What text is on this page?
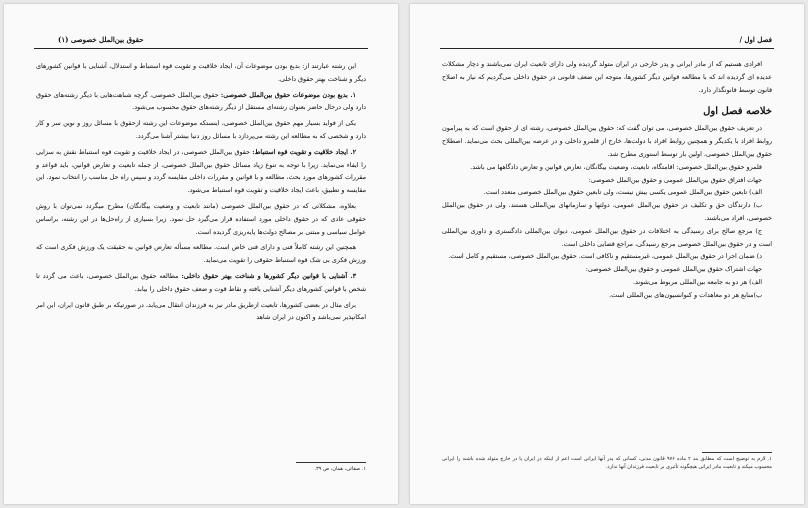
حقوق بین‌الملل خصوصی (۱)

این رشته عبارتند از: بدیع بودن موضوعات آن، ایجاد خلاقیت و تقویت قوه استنباط و استدلال، آشنایی با قوانین کشورهای دیگر و شناخت بهتر حقوق داخلی.

۱. بدیع بودن موضوعات حقوق بین‌الملل خصوصی: حقوق بین‌الملل خصوصی، گرچه شباهت‌هایی با دیگر رشته‌های حقوق دارد ولی درحال حاضر بعنوان رشته‌ای مستقل از دیگر رشته‌های حقوق محسوب می‌شود.

یکی از فواید بسیار مهم حقوق بین‌الملل خصوصی، اینستکه موضوعات این رشته ازحقوق با مسائل روز و نوین سر و کار دارد و شخصی که به مطالعه این رشته می‌پردازد با مسائل روز دنیا بیشتر آشنا می‌گردد.

۲. ایجاد خلاقیت و تقویت قوه استنباط: حقوق بین‌الملل خصوصی، در ایجاد خلاقیت و تقویت قوه استنباط نقش به سزایی را ایفاء می‌نماید. زیرا با توجه به تنوع زیاد مسائل حقوق بین‌الملل خصوصی، از جمله تابعیت و تعارض قوانین، باید قواعد و مقررات کشورهای مورد بحث، مطالعه و با قوانین و مقررات داخلی مقایسه گردد و سپس راه حل مناسب را انتخاب نمود. این مقایسه و تطبیق، باعث ایجاد خلاقیت و تقویت قوه استنباط می‌شود.

بعلاوه، مشکلاتی که در حقوق بین‌الملل خصوصی (مانند تابعیت و وضعیت بیگانگان) مطرح میگردد نمی‌توان با روش حقوقی عادی که در حقوق داخلی مورد استفاده قرار می‌گیرد حل نمود. زیرا بسیاری از راه‌حل‌ها در این رشته، براساس عوامل سیاسی و مبتنی بر مصالح دولت‌ها پایه‌ریزی گردیده است.

همچنین این رشته کاملاً فنی و دارای فنی خاص است. مطالعه مسأله تعارض قوانین به حقیقت یک ورزش فکری است که ورزش فکری بی شک قوه استنباط حقوقی را تقویت می‌نماید.

۳. آشنایی با قوانین دیگر کشورها و شناخت بهتر حقوق داخلی: مطالعه حقوق بین‌الملل خصوصی، باعث می گردد تا شخص با قوانین کشورهای دیگر آشنایی یافته و نقاط قوت و ضعف حقوق داخلی را بیابد.

برای مثال در بعضی کشورها، تابعیت ازطریق مادر نیز به فرزندان انتقال می‌یابد، در صورتیکه بر طبق قانون ایران، این امر امکانپذیر نمی‌باشد و اکنون در ایران شاهد

۱. صفائی، همان، ص ۳۹.
فصل اول /

افرادی هستیم که از مادر ایرانی و پدر خارجی در ایران متولد گردیده ولی دارای تابعیت ایران نمی‌باشند و دچار مشکلات عدیده ای گردیده اند که با مطالعه قوانین دیگر کشورها، متوجه این ضعف قانونی در حقوق داخلی می‌گردیم که نیاز به اصلاح قانون توسط قانونگذار دارد.

خلاصه فصل اول

در تعریف حقوق بین‌الملل خصوصی، می توان گفت که: حقوق بین‌الملل خصوصی، رشته ای از حقوق است که به پیرامون روابط افراد با یکدیگر و همچنین روابط افراد با دولت‌ها، خارج از قلمرو داخلی و در عرصه بین‌المللی بحث می‌نماید. اصطلاح حقوق بین‌الملل خصوصی، اولین بار توسط استوری مطرح شد.

قلمرو حقوق بین‌الملل خصوصی: اقامتگاه، تابعیت، وضعیت بیگانگان، تعارض قوانین و تعارض دادگاهها می باشد.

جهات افتراق حقوق بین‌الملل عمومی و حقوق بین‌الملل خصوصی:

الف) تابعین حقوق بین‌الملل عمومی یکسی بیش نیست، ولی تابعین حقوق بین‌الملل خصوصی متعدد است.

ب) دارندگان حق و تکلیف در حقوق بین‌الملل عمومی، دولتها و سازمانهای بین‌المللی هستند. ولی در حقوق بین‌الملل خصوصی، افراد می‌باشند.

ج) مرجع صالح برای رسیدگی به اختلافات در حقوق بین‌الملل عمومی، دیوان بین‌المللی دادگستری و داوری بین‌المللی است و در حقوق بین‌الملل خصوصی مرجع رسیدگی، مراجع قضایی داخلی است.

د) ضمان اجرا در حقوق بین‌الملل عمومی، غیرمستقیم و ناکافی است. حقوق بین‌الملل خصوصی، مستقیم و کامل است.

جهات اشتراک حقوق بین‌الملل عمومی و حقوق بین‌الملل خصوصی:

الف) هر دو به جامعه بین‌المللی مربوط می‌شوند.

ب)منابع هر دو معاهدات و کنوانسیون‌های بین‌المللی است.

۱. لازم به توضیح است که مطابق بند ۲ ماده ۹۷۶ قانون مدنی، کسانی که پدر آنها ایرانی است اعم از اینکه در ایران یا در خارج متولد شده باشند را ایرانی محسوب میکند و تابعیت مادر ایرانی هیچگونه تأثیری بر تابعیت فرزندان آنها ندارد.
